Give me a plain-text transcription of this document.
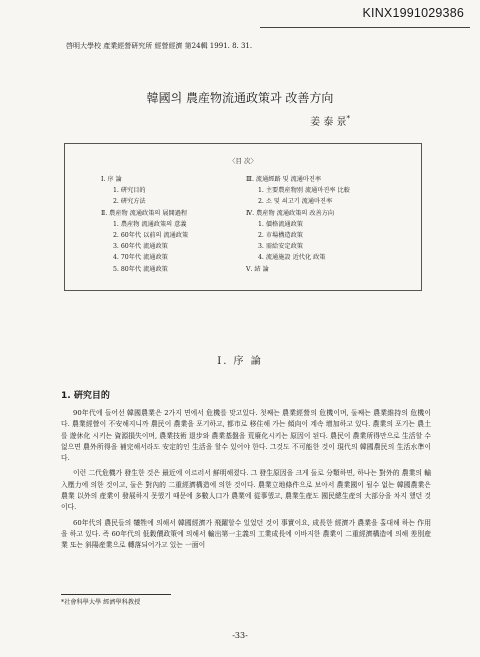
KINX1991029386
啓明大學校 產業經營硏究所 經營經濟 第24輯 1991. 8. 31.
韓國의 農産物流通政策과 改善方向
姜 泰 景*
〈目 次〉
Ⅰ. 序 論
1. 硏究目的
2. 硏究方法
Ⅱ. 農産物 流通政策의 展開過程
1. 農産物 流通政策의 意義
2. 60年代 以前의 流通政策
3. 60年代 流通政策
4. 70年代 流通政策
5. 80年代 流通政策
Ⅲ. 流通經路 및 流通마진率
1. 主要農産物別 流通마진率 比較
2. 소 및 쇠고기 流通마진率
Ⅳ. 農産物 流通政策의 改善方向
1. 價格流通政策
2. 市場構造政策
3. 需給安定政策
4. 流通施設 近代化 政策
Ⅴ. 結 論
Ⅰ. 序 論
1. 硏究目的

90年代에 들어선 韓國農業은 2가지 면에서 危機를 맞고있다. 첫째는 農業經營의 危機이며, 둘째는 農業維持의 危機이다. 農業經營이 不安해지니까 農民이 農業을 포기하고, 都市로 移住해 가는 傾向이 계속 增加하고 있다. 農業의 포기는 農土를 遊休化 시키는 資源損失이며, 農業技術 退步와 農業基盤을 荒廢化시키는 原因이 된다. 農民이 農業所得만으로 生活할 수 없으면 農外所得을 補完해서라도 安定的인 生活을 할수 있어야 한다. 그것도 不可能한 것이 現代의 韓國農民의 生活水準이다.

이런 二代危機가 發生한 것은 最近에 이르러서 鮮明해졌다. 그 發生原因을 크게 둘로 分類하면, 하나는 對外的 農業의 輸入壓力에 의한 것이고, 둘은 對內的 二重經濟構造에 의한 것이다. 農業立地條件으로 보아서 農業國이 될수 없는 韓國農業은 農業 以外의 産業이 發展하지 못했기 때문에 多數人口가 農業에 從事했고, 農業生産도 國民總生産의 大部分을 차지 했던 것이다.

60年代의 農民들의 犧牲에 의해서 韓國經濟가 飛躍할수 있었던 것이 事實이요, 成長한 經濟가 農業을 홀대해 하는 作用을 하고 있다. 즉 60年代의 低穀價政策에 의해서 輸出第一主義의 工業成長에 이바지한 農業이 二重經濟構造에 의해 差別産業 또는 斜陽産業으로 轉落되어가고 있는 一面이

*社會科學大學 經濟學科教授
-33-
